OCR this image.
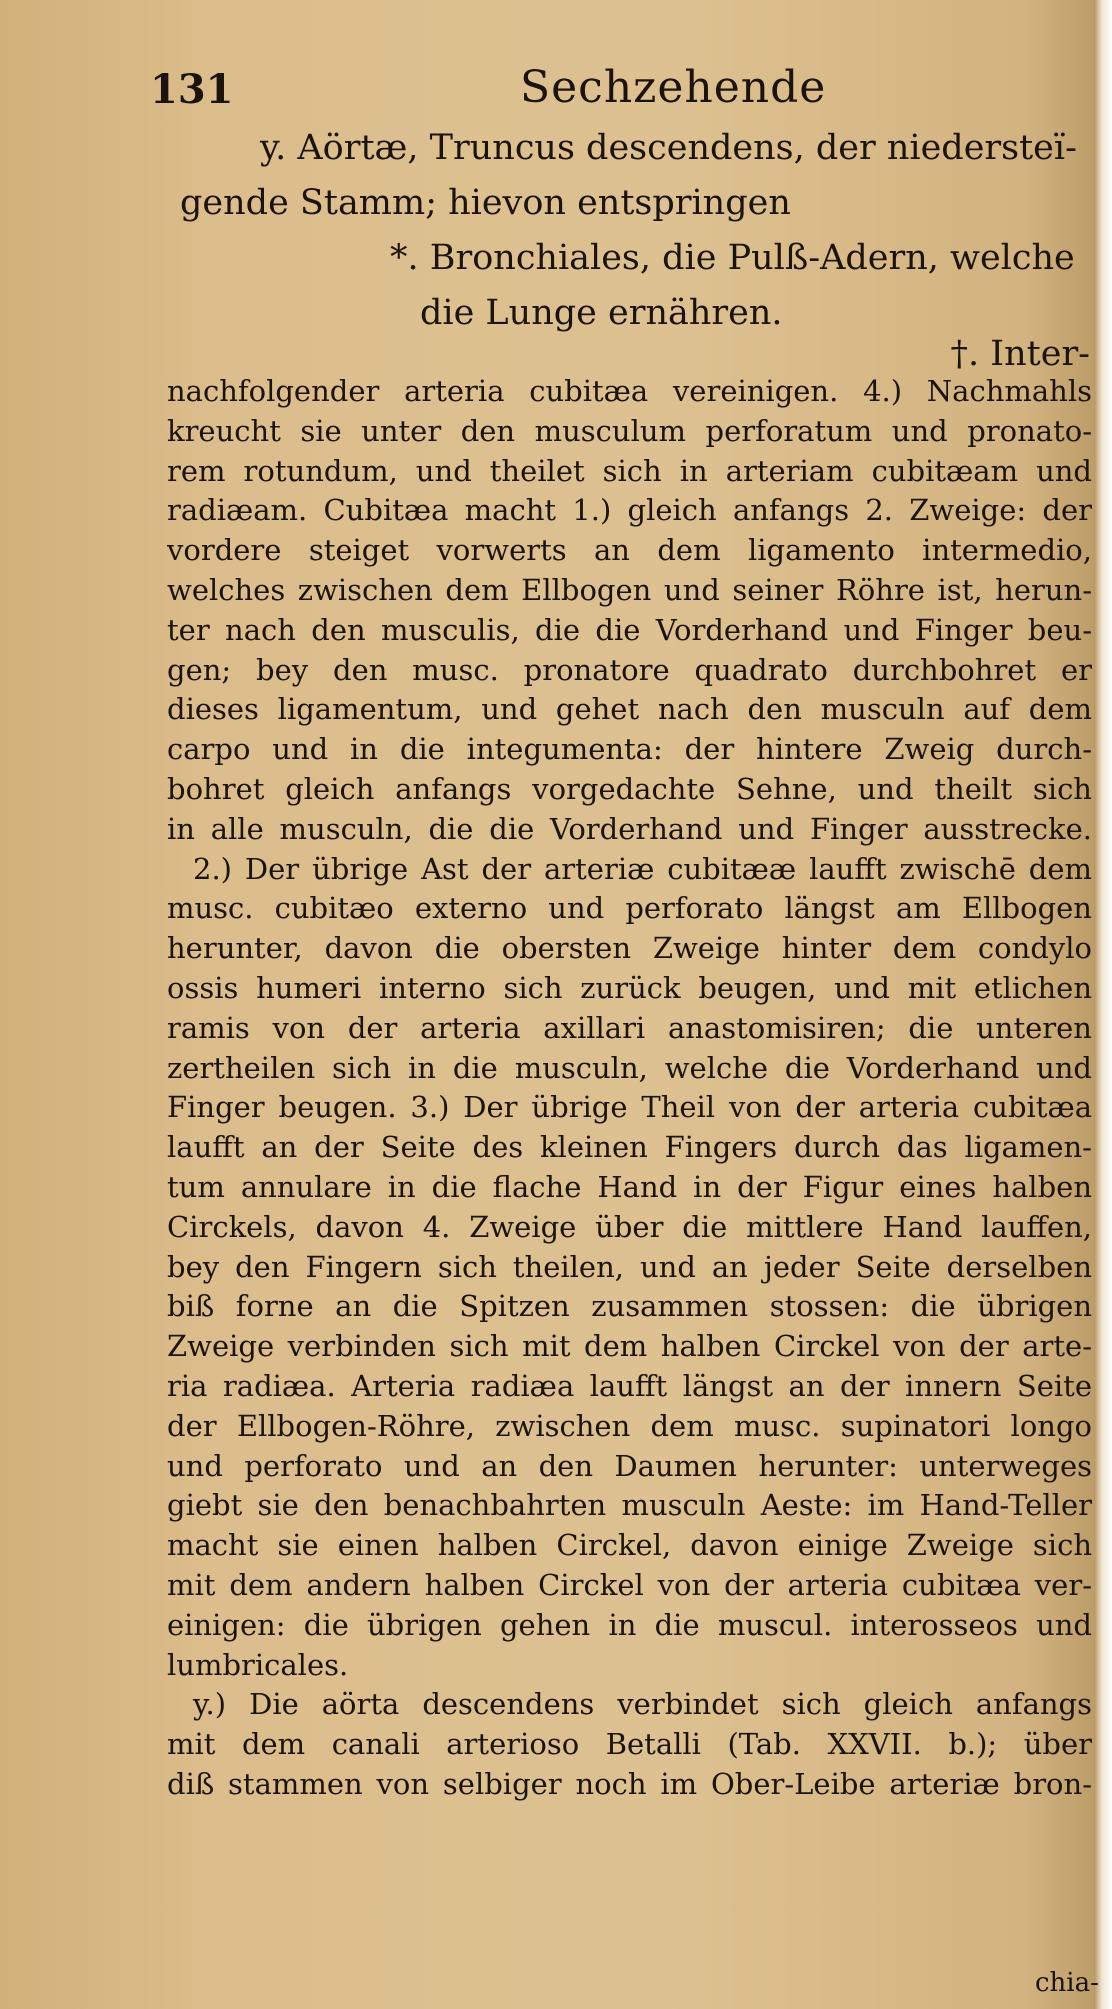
131	Sechzehende
y. Aörtæ, Truncus descendens, der niedersteï-
gende Stamm; hievon entspringen
*. Bronchiales, die Pulß-Adern, welche
die Lunge ernähren.
†. Inter-
nachfolgender arteria cubitæa vereinigen. 4.) Nachmahls
kreucht sie unter den musculum perforatum und pronato-
rem rotundum, und theilet sich in arteriam cubitæam und
radiæam. Cubitæa macht 1.) gleich anfangs 2. Zweige: der
vordere steiget vorwerts an dem ligamento intermedio,
welches zwischen dem Ellbogen und seiner Röhre ist, herun-
ter nach den musculis, die die Vorderhand und Finger beu-
gen; bey den musc. pronatore quadrato durchbohret er
dieses ligamentum, und gehet nach den musculn auf dem
carpo und in die integumenta: der hintere Zweig durch-
bohret gleich anfangs vorgedachte Sehne, und theilt sich
in alle musculn, die die Vorderhand und Finger ausstrecke.
2.) Der übrige Ast der arteriæ cubitææ laufft zwischē dem
musc. cubitæo externo und perforato längst am Ellbogen
herunter, davon die obersten Zweige hinter dem condylo
ossis humeri interno sich zurück beugen, und mit etlichen
ramis von der arteria axillari anastomisiren; die unteren
zertheilen sich in die musculn, welche die Vorderhand und
Finger beugen. 3.) Der übrige Theil von der arteria cubitæa
laufft an der Seite des kleinen Fingers durch das ligamen-
tum annulare in die flache Hand in der Figur eines halben
Circkels, davon 4. Zweige über die mittlere Hand lauffen,
bey den Fingern sich theilen, und an jeder Seite derselben
biß forne an die Spitzen zusammen stossen: die übrigen
Zweige verbinden sich mit dem halben Circkel von der arte-
ria radiæa. Arteria radiæa laufft längst an der innern Seite
der Ellbogen-Röhre, zwischen dem musc. supinatori longo
und perforato und an den Daumen herunter: unterweges
giebt sie den benachbahrten musculn Aeste: im Hand-Teller
macht sie einen halben Circkel, davon einige Zweige sich
mit dem andern halben Circkel von der arteria cubitæa ver-
einigen: die übrigen gehen in die muscul. interosseos und
lumbricales.
y.) Die aörta descendens verbindet sich gleich anfangs
mit dem canali arterioso Betalli (Tab. XXVII. b.); über
diß stammen von selbiger noch im Ober-Leibe arteriæ bron-
chia-
